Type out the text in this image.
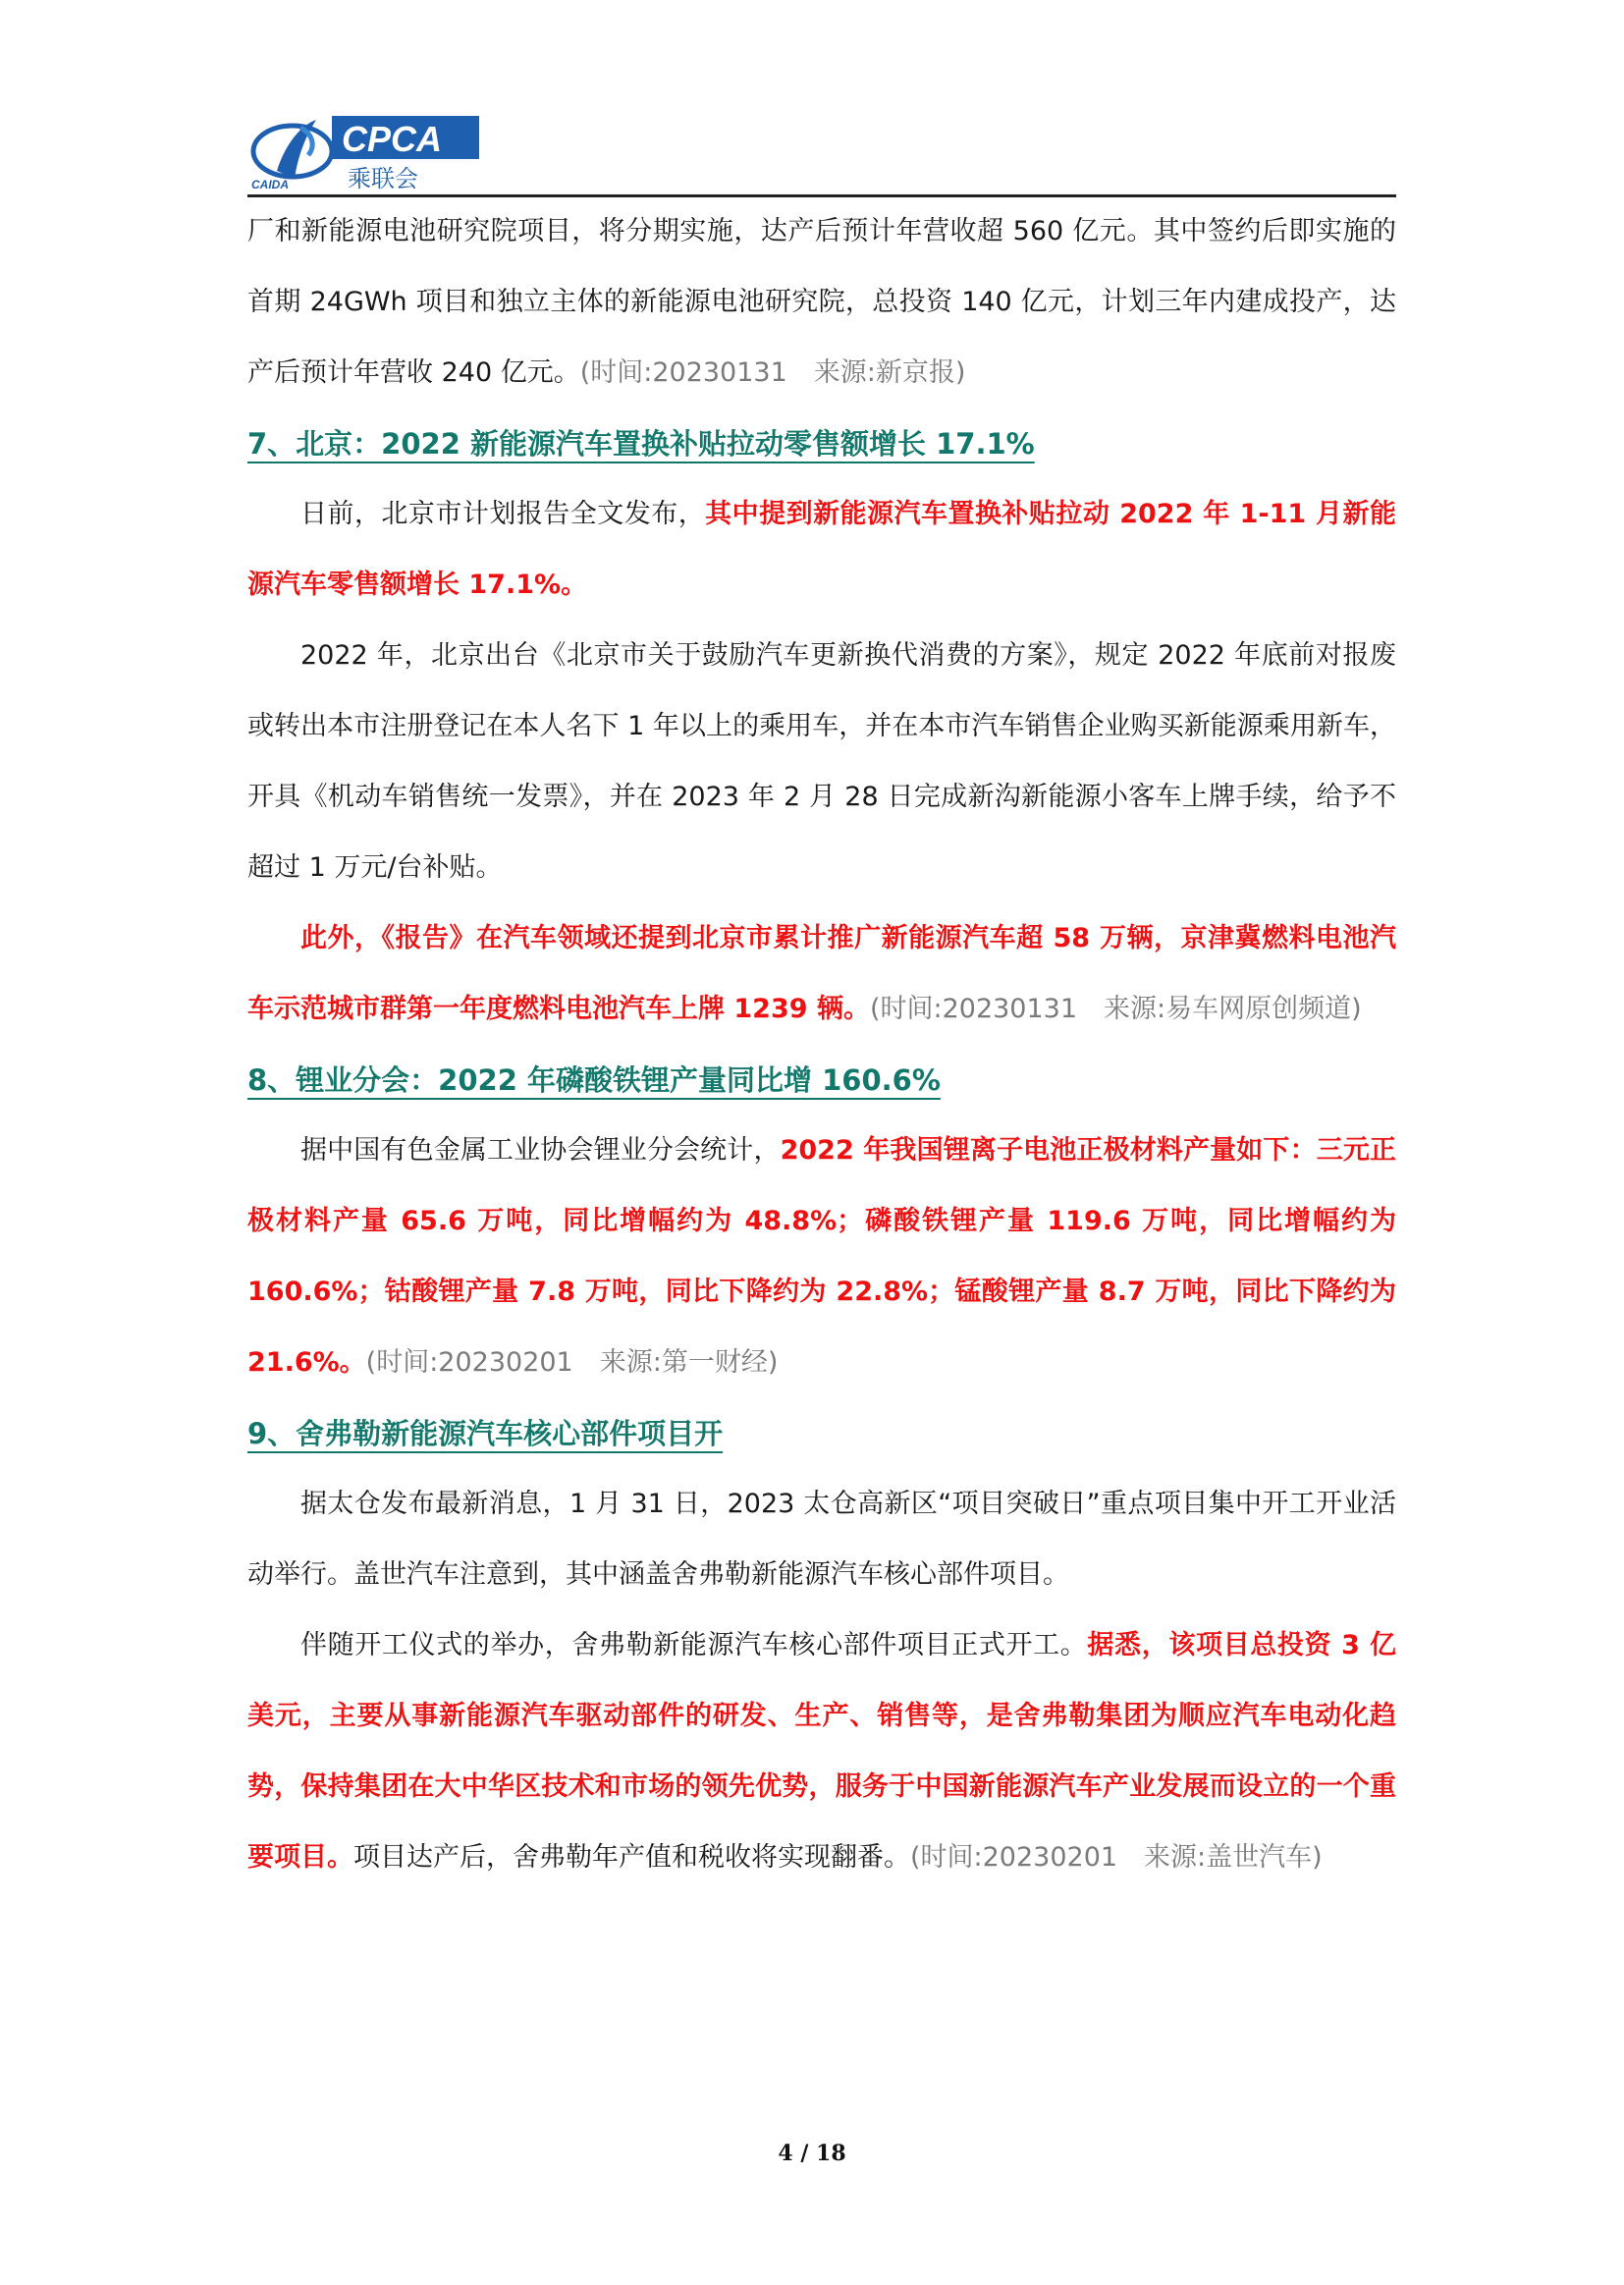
CPCA
乘联会
CAIDA

厂和新能源电池研究院项目，将分期实施，达产后预计年营收超 560 亿元。其中签约后即实施的首期 24GWh 项目和独立主体的新能源电池研究院，总投资 140 亿元，计划三年内建成投产，达产后预计年营收 240 亿元。(时间:20230131　来源:新京报)

7、北京：2022 新能源汽车置换补贴拉动零售额增长 17.1%

日前，北京市计划报告全文发布，其中提到新能源汽车置换补贴拉动 2022 年 1-11 月新能源汽车零售额增长 17.1%。

2022 年，北京出台《北京市关于鼓励汽车更新换代消费的方案》，规定 2022 年底前对报废或转出本市注册登记在本人名下 1 年以上的乘用车，并在本市汽车销售企业购买新能源乘用新车，开具《机动车销售统一发票》，并在 2023 年 2 月 28 日完成新沟新能源小客车上牌手续，给予不超过 1 万元/台补贴。

此外，《报告》在汽车领域还提到北京市累计推广新能源汽车超 58 万辆，京津冀燃料电池汽车示范城市群第一年度燃料电池汽车上牌 1239 辆。(时间:20230131　来源:易车网原创频道)

8、锂业分会：2022 年磷酸铁锂产量同比增 160.6%

据中国有色金属工业协会锂业分会统计，2022 年我国锂离子电池正极材料产量如下：三元正极材料产量 65.6 万吨，同比增幅约为 48.8%；磷酸铁锂产量 119.6 万吨，同比增幅约为 160.6%；钴酸锂产量 7.8 万吨，同比下降约为 22.8%；锰酸锂产量 8.7 万吨，同比下降约为 21.6%。(时间:20230201　来源:第一财经)

9、舍弗勒新能源汽车核心部件项目开

据太仓发布最新消息，1 月 31 日，2023 太仓高新区“项目突破日”重点项目集中开工开业活动举行。盖世汽车注意到，其中涵盖舍弗勒新能源汽车核心部件项目。

伴随开工仪式的举办，舍弗勒新能源汽车核心部件项目正式开工。据悉，该项目总投资 3 亿美元，主要从事新能源汽车驱动部件的研发、生产、销售等，是舍弗勒集团为顺应汽车电动化趋势，保持集团在大中华区技术和市场的领先优势，服务于中国新能源汽车产业发展而设立的一个重要项目。项目达产后，舍弗勒年产值和税收将实现翻番。(时间:20230201　来源:盖世汽车)

4 / 18
